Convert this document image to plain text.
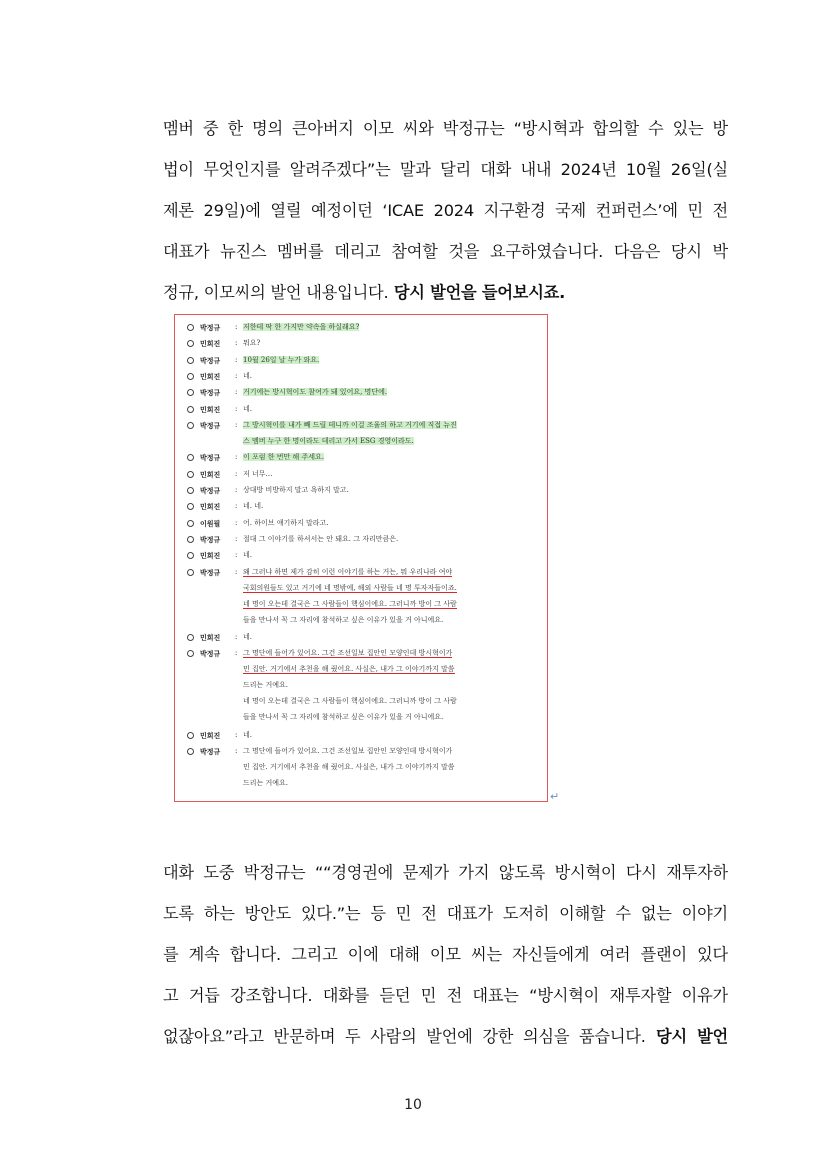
멤버 중 한 명의 큰아버지 이모 씨와 박정규는 “방시혁과 합의할 수 있는 방
법이 무엇인지를 알려주겠다”는 말과 달리 대화 내내 2024년 10월 26일(실
제론 29일)에 열릴 예정이던 ‘ICAE 2024 지구환경 국제 컨퍼런스’에 민 전
대표가 뉴진스 멤버를 데리고 참여할 것을 요구하였습니다. 다음은 당시 박
정규, 이모씨의 발언 내용입니다. 당시 발언을 들어보시죠.
박정규 : 저한테 딱 한 가지만 약속을 하실래요?
민희진 : 뭐요?
박정규 : 10월 26일 날 누가 와요.
민희진 : 네.
박정규 : 거기에는 방시혁이도 참여가 돼 있어요, 명단에.
민희진 : 네.
박정규 : 그 방시혁이를 내가 빼 드릴 테니까 이걸 조율의 하고 거기에 직접 뉴진
스 멤버 누구 한 명이라도 데리고 가서 ESG 경영이라도.
박정규 : 이 포럼 한 번만 해 주세요.
민희진 : 저 너무…
박정규 : 상대방 비방하지 말고 욕하지 말고.
민희진 : 네. 네.
이원필 : 어. 하이브 얘기하지 말라고.
박정규 : 절대 그 이야기를 하셔서는 안 돼요. 그 자리만큼은.
민희진 : 네.
박정규 : 왜 그러냐 하면 제가 감히 이런 이야기를 하는 거는, 뭐 우리나라 여야
국회의원들도 있고 거기에 네 명밖에, 해외 사람들 네 명 투자자들이죠.
네 명이 오는데 결국은 그 사람들이 핵심이에요. 그러니까 방이 그 사람
들을 만나서 꼭 그 자리에 참석하고 싶은 이유가 있을 거 아니에요.
민희진 : 네.
박정규 : 그 명단에 들어가 있어요. 그건 조선일보 집안인 모양인데 방시혁이가
민 집안. 거기에서 추천을 해 줬어요. 사실은, 내가 그 이야기까지 말씀
드리는 거예요.
네 명이 오는데 결국은 그 사람들이 핵심이에요. 그러니까 방이 그 사람
들을 만나서 꼭 그 자리에 참석하고 싶은 이유가 있을 거 아니에요.
민희진 : 네.
박정규 : 그 명단에 들어가 있어요. 그건 조선일보 집안인 모양인데 방시혁이가
민 집안. 거기에서 추천을 해 줬어요. 사실은, 내가 그 이야기까지 말씀
드리는 거예요.
↵
대화 도중 박정규는 ““경영권에 문제가 가지 않도록 방시혁이 다시 재투자하
도록 하는 방안도 있다.”는 등 민 전 대표가 도저히 이해할 수 없는 이야기
를 계속 합니다. 그리고 이에 대해 이모 씨는 자신들에게 여러 플랜이 있다
고 거듭 강조합니다. 대화를 듣던 민 전 대표는 “방시혁이 재투자할 이유가
없잖아요”라고 반문하며 두 사람의 발언에 강한 의심을 품습니다. 당시 발언
10
